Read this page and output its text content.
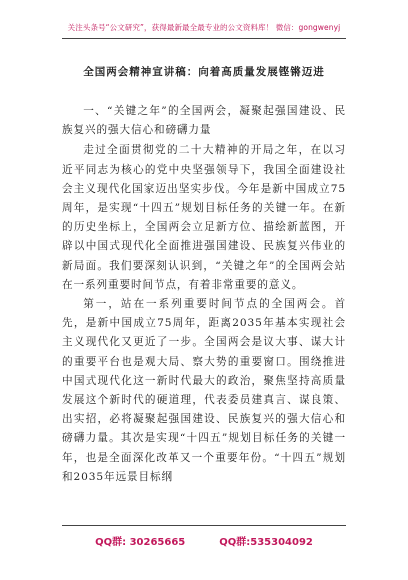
关注头条号“公文研究”，获得最新最全最专业的公文资料库！ 微信：gongwenyj
全国两会精神宣讲稿：向着高质量发展铿锵迈进

一、“关键之年”的全国两会，凝聚起强国建设、民族复兴的强大信心和磅礴力量

走过全面贯彻党的二十大精神的开局之年，在以习近平同志为核心的党中央坚强领导下，我国全面建设社会主义现代化国家迈出坚实步伐。今年是新中国成立75周年，是实现“十四五”规划目标任务的关键一年。在新的历史坐标上，全国两会立足新方位、描绘新蓝图，开辟以中国式现代化全面推进强国建设、民族复兴伟业的新局面。我们要深刻认识到，“关键之年”的全国两会站在一系列重要时间节点，有着非常重要的意义。

第一，站在一系列重要时间节点的全国两会。首先，是新中国成立75周年，距离2035年基本实现社会主义现代化又更近了一步。全国两会是议大事、谋大计的重要平台也是观大局、察大势的重要窗口。围绕推进中国式现代化这一新时代最大的政治，聚焦坚持高质量发展这个新时代的硬道理，代表委员建真言、谋良策、出实招，必将凝聚起强国建设、民族复兴的强大信心和磅礴力量。其次是实现“十四五”规划目标任务的关键一年，也是全面深化改革又一个重要年份。“十四五”规划和2035年远景目标纲

QQ群: 30265665	QQ群:535304092
